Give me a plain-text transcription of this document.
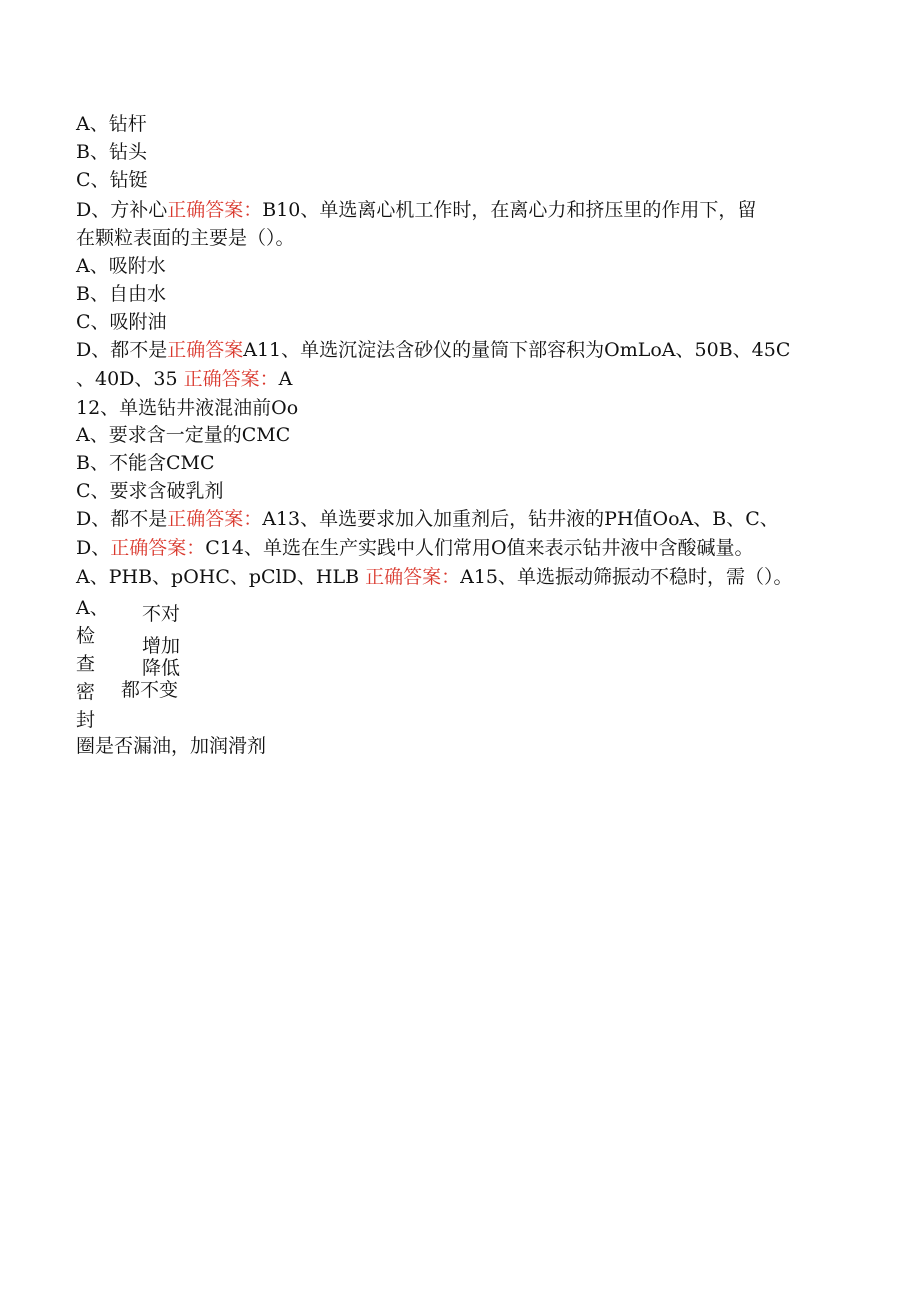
A、钻杆
B、钻头
C、钻铤
D、方补心正确答案：B10、单选离心机工作时，在离心力和挤压里的作用下，留
在颗粒表面的主要是（）。
A、吸附水
B、自由水
C、吸附油
D、都不是正确答案A11、单选沉淀法含砂仪的量筒下部容积为OmLoA、50B、45C
、40D、35 正确答案：A
12、单选钻井液混油前Oo
A、要求含一定量的CMC
B、不能含CMC
C、要求含破乳剂
D、都不是正确答案：A13、单选要求加入加重剂后，钻井液的PH值OoA、B、C、
D、正确答案：C14、单选在生产实践中人们常用O值来表示钻井液中含酸碱量。
A、PHB、pOHC、pClD、HLB 正确答案：A15、单选振动筛振动不稳时，需（）。
A、
检
查
密
封
不对
增加
降低
都不变
圈是否漏油，加润滑剂
